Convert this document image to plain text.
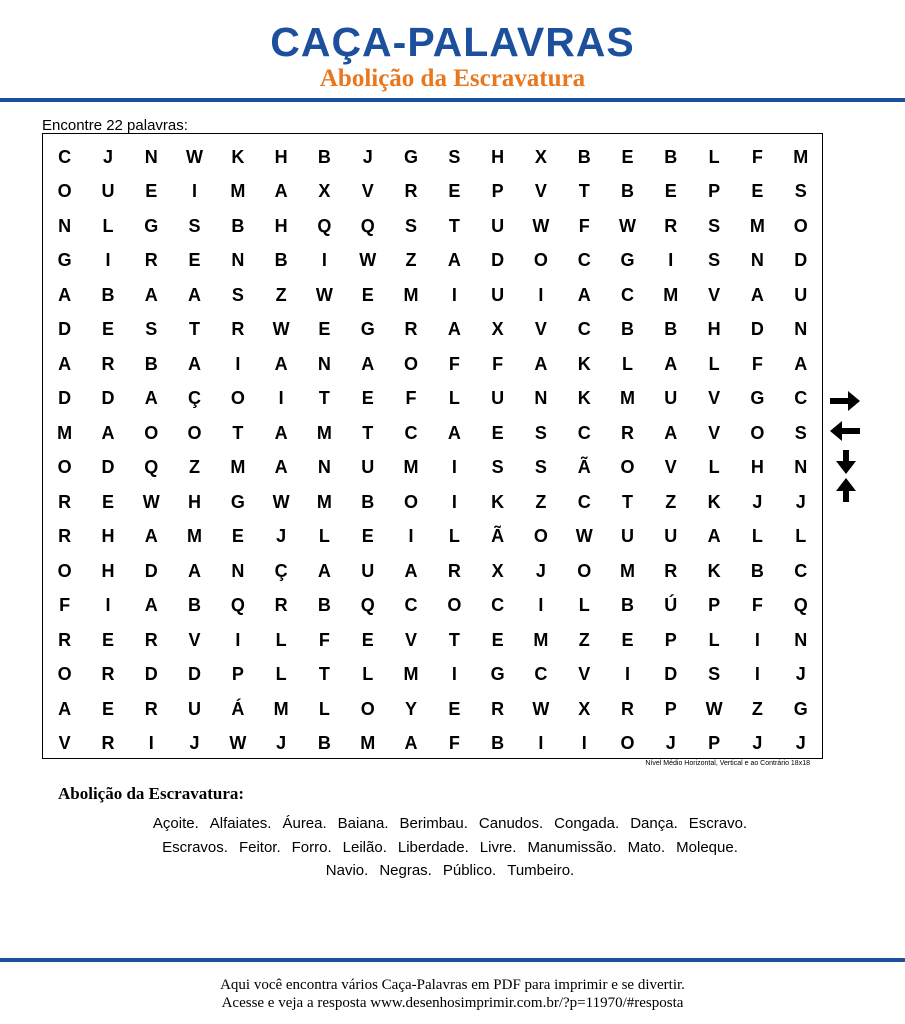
CAÇA-PALAVRAS
Abolição da Escravatura
Encontre 22 palavras:
C	J	N	W	K	H	B	J	G	S	H	X	B	E	B	L	F	M
O	U	E	I	M	A	X	V	R	E	P	V	T	B	E	P	E	S
N	L	G	S	B	H	Q	Q	S	T	U	W	F	W	R	S	M	O
G	I	R	E	N	B	I	W	Z	A	D	O	C	G	I	S	N	D
A	B	A	A	S	Z	W	E	M	I	U	I	A	C	M	V	A	U
D	E	S	T	R	W	E	G	R	A	X	V	C	B	B	H	D	N
A	R	B	A	I	A	N	A	O	F	F	A	K	L	A	L	F	A
D	D	A	Ç	O	I	T	E	F	L	U	N	K	M	U	V	G	C
M	A	O	O	T	A	M	T	C	A	E	S	C	R	A	V	O	S
O	D	Q	Z	M	A	N	U	M	I	S	S	Ã	O	V	L	H	N
R	E	W	H	G	W	M	B	O	I	K	Z	C	T	Z	K	J	J
R	H	A	M	E	J	L	E	I	L	Ã	O	W	U	U	A	L	L
O	H	D	A	N	Ç	A	U	A	R	X	J	O	M	R	K	B	C
F	I	A	B	Q	R	B	Q	C	O	C	I	L	B	Ú	P	F	Q
R	E	R	V	I	L	F	E	V	T	E	M	Z	E	P	L	I	N
O	R	D	D	P	L	T	L	M	I	G	C	V	I	D	S	I	J
A	E	R	U	Á	M	L	O	Y	E	R	W	X	R	P	W	Z	G
V	R	I	J	W	J	B	M	A	F	B	I	I	O	J	P	J	J
Nível Médio Horizontal, Vertical e ao Contrário 18x18
Abolição da Escravatura:
Açoite. Alfaiates. Áurea. Baiana. Berimbau. Canudos. Congada. Dança. Escravo.
Escravos. Feitor. Forro. Leilão. Liberdade. Livre. Manumissão. Mato. Moleque.
Navio. Negras. Público. Tumbeiro.
Aqui você encontra vários Caça-Palavras em PDF para imprimir e se divertir.
Acesse e veja a resposta www.desenhosimprimir.com.br/?p=11970/#resposta
